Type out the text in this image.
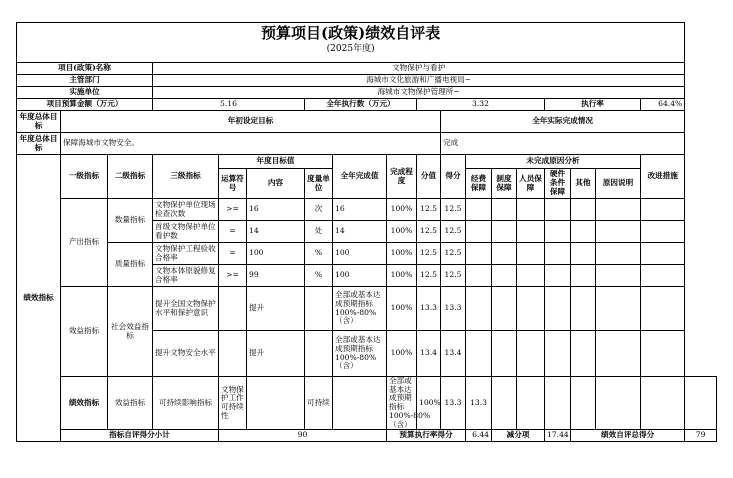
预算项目(政策)绩效自评表
(2025年度)																		

项目(政策)名称			文物保护与看护															
主管部门			海城市文化旅游和广播电视局~															
实施单位			海城市文物保护管理所~															
项目预算金额（万元）			5.16			全年执行数（万元）			3.32					执行率			64.4%	
年度总体目标	年初设定目标									全年实际完成情况								
年度总体目标	保障海城市文物安全。									完成								
绩效指标	一级指标	二级指标	三级指标	年度目标值			全年完成值	完成程度	分值	得分	未完成原因分析						改进措施	
				运算符号	内容	度量单位					经费保障	制度保障	人员保障	硬件条件保障	其他	原因说明		
	产出指标	数量指标	文物保护单位现场检查次数	>=	16	次	16	100%	12.5	12.5								
			首级文物保护单位看护数	=	14	处	14	100%	12.5	12.5								
		质量指标	文物保护工程验收合格率	=	100	%	100	100%	12.5	12.5								
			文物本体原貌修复合格率	>=	99	%	100	100%	12.5	12.5								
	效益指标	社会效益指标	提升全国文物保护水平和保护意识		提升		全部或基本达成预期指标100%-80%（含）	100%	13.3	13.3								
			提升文物安全水平		提升		全部或基本达成预期指标100%-80%（含）	100%	13.4	13.4								
	绩效指标	效益指标	可持续影响指标	文物保护工作可持续性		可持续		全部或基本达成预期指标100%-80%（含）	100%	13.3	13.3							
	指标自评得分小计			90				预算执行率得分			6.44	减分项		17.44	绩效自评总得分			79
